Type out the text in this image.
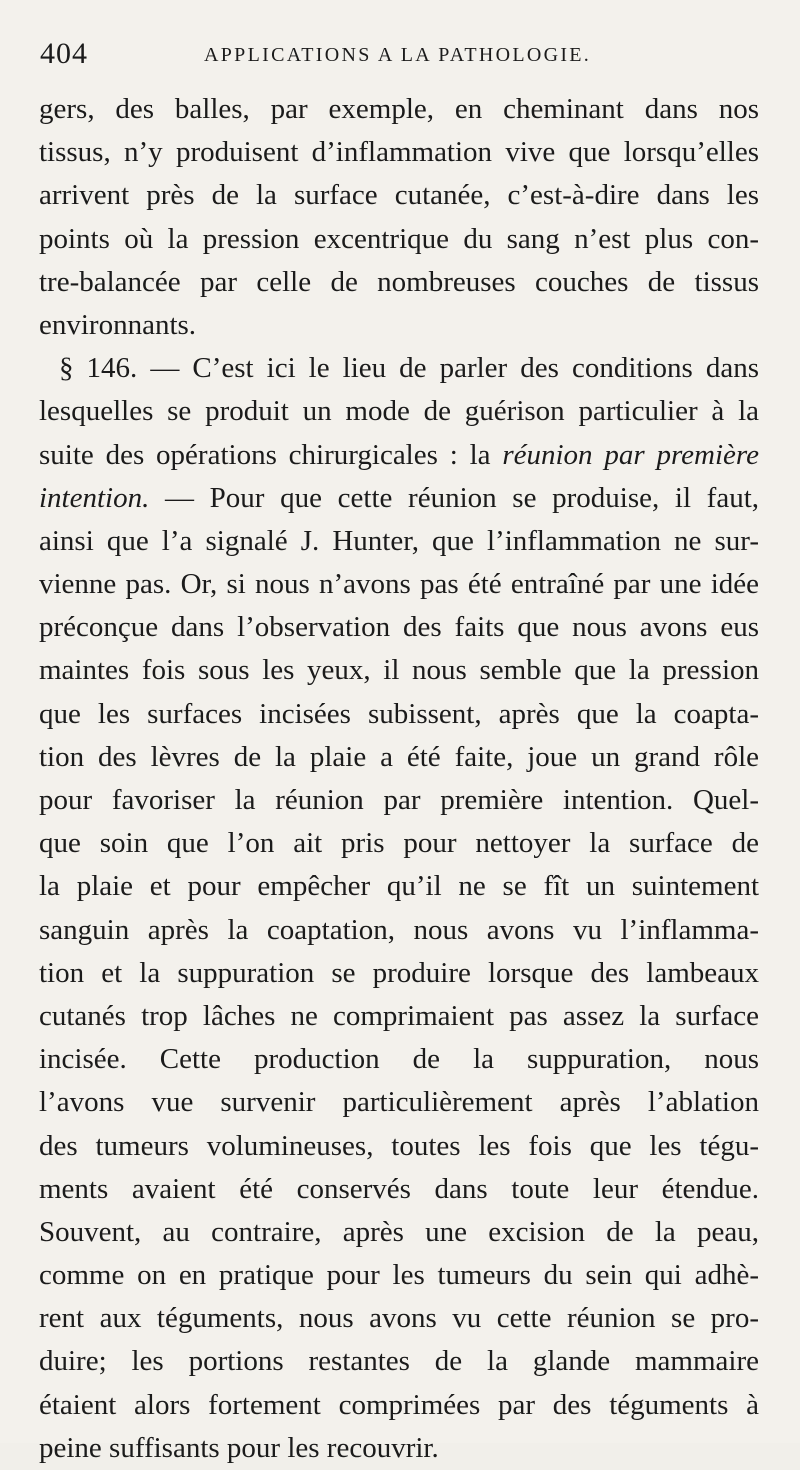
404	APPLICATIONS A LA PATHOLOGIE.
gers, des balles, par exemple, en cheminant dans nos
tissus, n’y produisent d’inflammation vive que lorsqu’elles
arrivent près de la surface cutanée, c’est-à-dire dans les
points où la pression excentrique du sang n’est plus con-
tre-balancée par celle de nombreuses couches de tissus
environnants.
§ 146. — C’est ici le lieu de parler des conditions dans
lesquelles se produit un mode de guérison particulier à la
suite des opérations chirurgicales : la réunion par première
intention. — Pour que cette réunion se produise, il faut,
ainsi que l’a signalé J. Hunter, que l’inflammation ne sur-
vienne pas. Or, si nous n’avons pas été entraîné par une idée
préconçue dans l’observation des faits que nous avons eus
maintes fois sous les yeux, il nous semble que la pression
que les surfaces incisées subissent, après que la coapta-
tion des lèvres de la plaie a été faite, joue un grand rôle
pour favoriser la réunion par première intention. Quel-
que soin que l’on ait pris pour nettoyer la surface de
la plaie et pour empêcher qu’il ne se fît un suintement
sanguin après la coaptation, nous avons vu l’inflamma-
tion et la suppuration se produire lorsque des lambeaux
cutanés trop lâches ne comprimaient pas assez la surface
incisée. Cette production de la suppuration, nous
l’avons vue survenir particulièrement après l’ablation
des tumeurs volumineuses, toutes les fois que les tégu-
ments avaient été conservés dans toute leur étendue.
Souvent, au contraire, après une excision de la peau,
comme on en pratique pour les tumeurs du sein qui adhè-
rent aux téguments, nous avons vu cette réunion se pro-
duire; les portions restantes de la glande mammaire
étaient alors fortement comprimées par des téguments à
peine suffisants pour les recouvrir.
